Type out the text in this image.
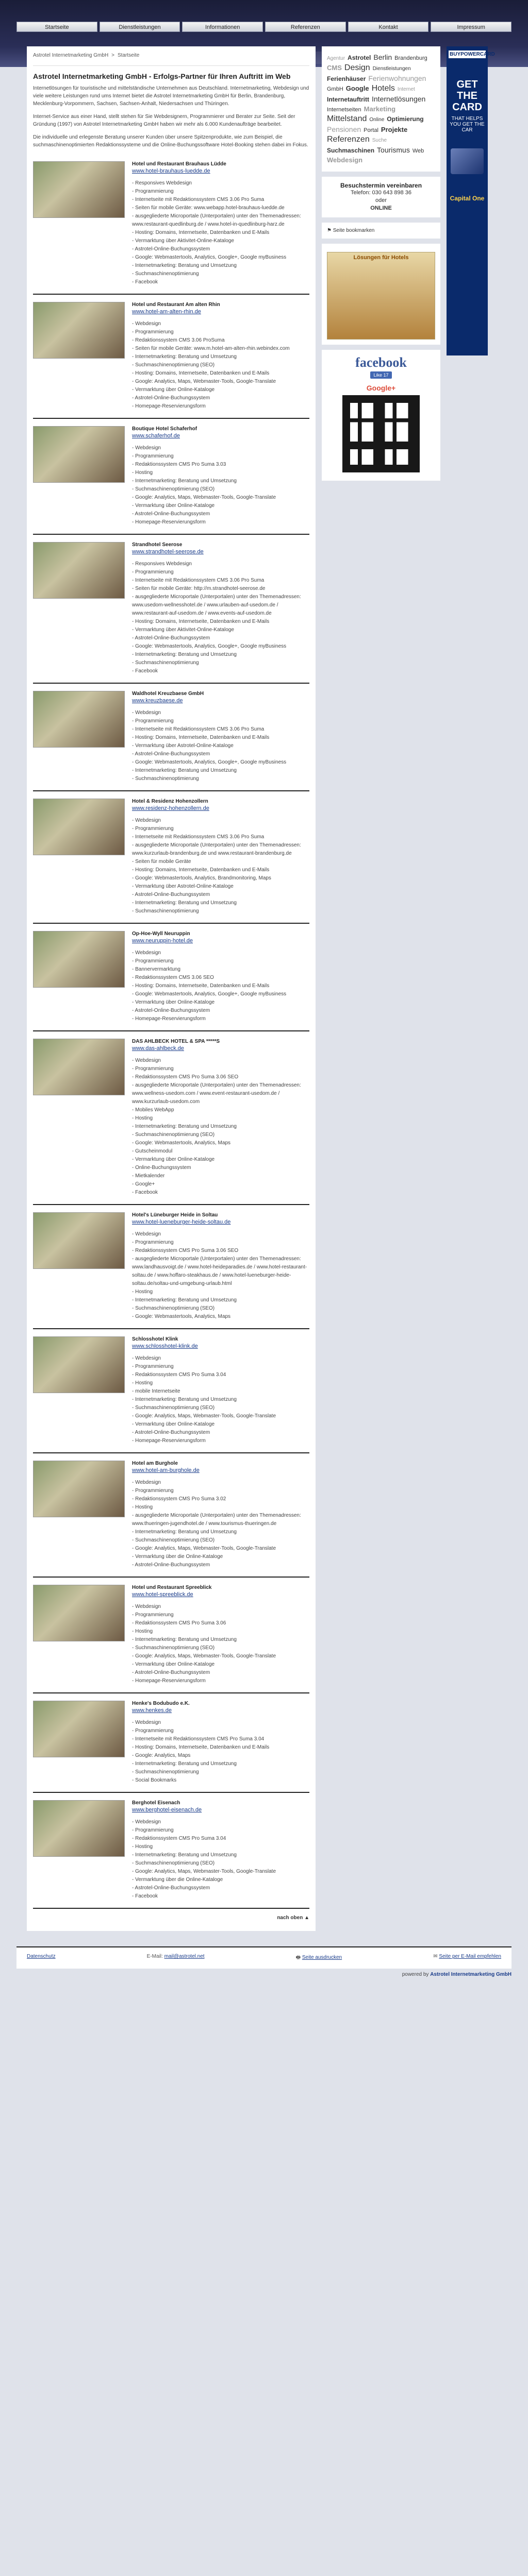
Startseite	Dienstleistungen	Informationen	Referenzen	Kontakt	Impressum
Astrotel Internetmarketing GmbH > Startseite
Astrotel Internetmarketing GmbH - Erfolgs-Partner für Ihren Auftritt im Web

Internetlösungen für touristische und mittelständische Unternehmen aus Deutschland. Internetmarketing, Webdesign und viele weitere Leistungen rund ums Internet bietet die Astrotel Internetmarketing GmbH für Berlin, Brandenburg, Mecklenburg-Vorpommern, Sachsen, Sachsen-Anhalt, Niedersachsen und Thüringen.

Internet-Service aus einer Hand, stellt stehen für Sie Webdesignern, Programmierer und Berater zur Seite. Seit der Gründung (1997) von Astrotel Internetmarketing GmbH haben wir mehr als 6.000 Kundenaufträge bearbeitet.

Die individuelle und erlegenste Beratung unserer Kunden über unsere Spitzenprodukte, wie zum Beispiel, die suchmaschinenoptimierten Redaktionssysteme und die Online-Buchungssoftware Hotel-Booking stehen dabei im Fokus.

Hotel und Restaurant Brauhaus Lüdde
www.hotel-brauhaus-luedde.de
- Responsives Webdesign
- Programmierung
- Internetseite mit Redaktionssystem CMS 3.06 Pro Suma
- Seiten für mobile Geräte: www.webapp.hotel-brauhaus-luedde.de
- ausgegliederte Microportale (Unterportalen) unter den Themenadressen: www.restaurant-quedlinburg.de / www.hotel-in-quedlinburg-harz.de
- Hosting: Domains, Internetseite, Datenbanken und E-Mails
- Vermarktung über Aktivitet-Online-Kataloge
- Astrotel-Online-Buchungssystem
- Google: Webmastertools, Analytics, Google+, Google myBusiness
- Internetmarketing: Beratung und Umsetzung
- Suchmaschinenoptimierung
- Facebook
Hotel und Restaurant Am alten Rhin
www.hotel-am-alten-rhin.de
- Webdesign
- Programmierung
- Redaktionssystem CMS 3.06 ProSuma
- Seiten für mobile Geräte: www.m.hotel-am-alten-rhin.webindex.com
- Internetmarketing: Beratung und Umsetzung
- Suchmaschinenoptimierung (SEO)
- Hosting: Domains, Internetseite, Datenbanken und E-Mails
- Google: Analytics, Maps, Webmaster-Tools, Google-Translate
- Vermarktung über Online-Kataloge
- Astrotel-Online-Buchungssystem
- Homepage-Reservierungsform
Boutique Hotel Schaferhof
www.schaferhof.de
- Webdesign
- Programmierung
- Redaktionssystem CMS Pro Suma 3.03
- Hosting
- Internetmarketing: Beratung und Umsetzung
- Suchmaschinenoptimierung (SEO)
- Google: Analytics, Maps, Webmaster-Tools, Google-Translate
- Vermarktung über Online-Kataloge
- Astrotel-Online-Buchungssystem
- Homepage-Reservierungsform
Strandhotel Seerose
www.strandhotel-seerose.de
- Responsives Webdesign
- Programmierung
- Internetseite mit Redaktionssystem CMS 3.06 Pro Suma
- Seiten für mobile Geräte: http://m.strandhotel-seerose.de
- ausgegliederte Microportale (Unterportalen) unter den Themenadressen: www.usedom-wellnesshotel.de / www.urlauben-auf-usedom.de / www.restaurant-auf-usedom.de / www.events-auf-usedom.de
- Hosting: Domains, Internetseite, Datenbanken und E-Mails
- Vermarktung über Aktivitet-Online-Kataloge
- Astrotel-Online-Buchungssystem
- Google: Webmastertools, Analytics, Google+, Google myBusiness
- Internetmarketing: Beratung und Umsetzung
- Suchmaschinenoptimierung
- Facebook
Waldhotel Kreuzbaese GmbH
www.kreuzbaese.de
- Webdesign
- Programmierung
- Internetseite mit Redaktionssystem CMS 3.06 Pro Suma
- Hosting: Domains, Internetseite, Datenbanken und E-Mails
- Vermarktung über Astrotel-Online-Kataloge
- Astrotel-Online-Buchungssystem
- Google: Webmastertools, Analytics, Google+, Google myBusiness
- Internetmarketing: Beratung und Umsetzung
- Suchmaschinenoptimierung
Hotel & Residenz Hohenzollern
www.residenz-hohenzollern.de
- Webdesign
- Programmierung
- Internetseite mit Redaktionssystem CMS 3.06 Pro Suma
- ausgegliederte Microportale (Unterportalen) unter den Themenadressen: www.kurzurlaub-brandenburg.de und www.restaurant-brandenburg.de
- Seiten für mobile Geräte
- Hosting: Domains, Internetseite, Datenbanken und E-Mails
- Google: Webmastertools, Analytics, Brandmonitoring, Maps
- Vermarktung über Astrotel-Online-Kataloge
- Astrotel-Online-Buchungssystem
- Internetmarketing: Beratung und Umsetzung
- Suchmaschinenoptimierung
Op-Hoe-Wyll Neuruppin
www.neuruppin-hotel.de
- Webdesign
- Programmierung
- Bannervermarktung
- Redaktionssystem CMS 3.06 SEO
- Hosting: Domains, Internetseite, Datenbanken und E-Mails
- Google: Webmastertools, Analytics, Google+, Google myBusiness
- Vermarktung über Online-Kataloge
- Astrotel-Online-Buchungssystem
- Homepage-Reservierungsform
DAS AHLBECK HOTEL & SPA *****S
www.das-ahlbeck.de
- Webdesign
- Programmierung
- Redaktionssystem CMS Pro Suma 3.06 SEO
- ausgegliederte Microportale (Unterportalen) unter den Themenadressen: www.wellness-usedom.com / www.event-restaurant-usedom.de / www.kurzurlaub-usedom.com
- Mobiles WebApp
- Hosting
- Internetmarketing: Beratung und Umsetzung
- Suchmaschinenoptimierung (SEO)
- Google: Webmastertools, Analytics, Maps
- Gutscheinmodul
- Vermarktung über Online-Kataloge
- Online-Buchungssystem
- Mietkalender
- Google+
- Facebook
Hotel's Lüneburger Heide in Soltau
www.hotel-lueneburger-heide-soltau.de
- Webdesign
- Programmierung
- Redaktionssystem CMS Pro Suma 3.06 SEO
- ausgegliederte Microportale (Unterportalen) unter den Themenadressen: www.landhausvoigt.de / www.hotel-heideparadies.de / www.hotel-restaurant-soltau.de / www.hoffaro-steakhaus.de / www.hotel-lueneburger-heide-soltau.de/soltau-und-umgebung-urlaub.html
- Hosting
- Internetmarketing: Beratung und Umsetzung
- Suchmaschinenoptimierung (SEO)
- Google: Webmastertools, Analytics, Maps
Schlosshotel Klink
www.schlosshotel-klink.de
- Webdesign
- Programmierung
- Redaktionssystem CMS Pro Suma 3.04
- Hosting
- mobile Internetseite
- Internetmarketing: Beratung und Umsetzung
- Suchmaschinenoptimierung (SEO)
- Google: Analytics, Maps, Webmaster-Tools, Google-Translate
- Vermarktung über Online-Kataloge
- Astrotel-Online-Buchungssystem
- Homepage-Reservierungsform
Hotel am Burghole
www.hotel-am-burghole.de
- Webdesign
- Programmierung
- Redaktionssystem CMS Pro Suma 3.02
- Hosting
- ausgegliederte Microportale (Unterportalen) unter den Themenadressen: www.thueringen-jugendhotel.de / www.tourismus-thueringen.de
- Internetmarketing: Beratung und Umsetzung
- Suchmaschinenoptimierung (SEO)
- Google: Analytics, Maps, Webmaster-Tools, Google-Translate
- Vermarktung über die Online-Kataloge
- Astrotel-Online-Buchungssystem
Hotel und Restaurant Spreeblick
www.hotel-spreeblick.de
- Webdesign
- Programmierung
- Redaktionssystem CMS Pro Suma 3.06
- Hosting
- Internetmarketing: Beratung und Umsetzung
- Suchmaschinenoptimierung (SEO)
- Google: Analytics, Maps, Webmaster-Tools, Google-Translate
- Vermarktung über Online-Kataloge
- Astrotel-Online-Buchungssystem
- Homepage-Reservierungsform
Henke's Bodubudo e.K.
www.henkes.de
- Webdesign
- Programmierung
- Internetseite mit Redaktionssystem CMS Pro Suma 3.04
- Hosting: Domains, Internetseite, Datenbanken und E-Mails
- Google: Analytics, Maps
- Internetmarketing: Beratung und Umsetzung
- Suchmaschinenoptimierung
- Social Bookmarks
Berghotel Eisenach
www.berghotel-eisenach.de
- Webdesign
- Programmierung
- Redaktionssystem CMS Pro Suma 3.04
- Hosting
- Internetmarketing: Beratung und Umsetzung
- Suchmaschinenoptimierung (SEO)
- Google: Analytics, Maps, Webmaster-Tools, Google-Translate
- Vermarktung über die Online-Kataloge
- Astrotel-Online-Buchungssystem
- Facebook
nach oben ▲
Agentur Astrotel Berlin BrandenburgCMS Design DienstleistungenFerienhäuser FerienwohnungenGmbH Google Hotels InternetInternetauftritt InternetlösungenInternetseiten MarketingMittelstand Online OptimierungPensionen Portal ProjekteReferenzen SucheSuchmaschinen Tourismus WebWebdesign
Besuchstermin vereinbaren
Telefon: 030 643 898 36
oder
ONLINE
⚑ Seite bookmarken
Lösungen für Hotels
facebook
Like 17
Google+
BUYPOWERCARD
GET THE CARD
THAT HELPS YOU GET THE CAR
Capital One
Datenschutz	E-Mail: mail@astrotel.net	🖶 Seite ausdrucken	✉ Seite per E-Mail empfehlen
powered by Astrotel Internetmarketing GmbH
